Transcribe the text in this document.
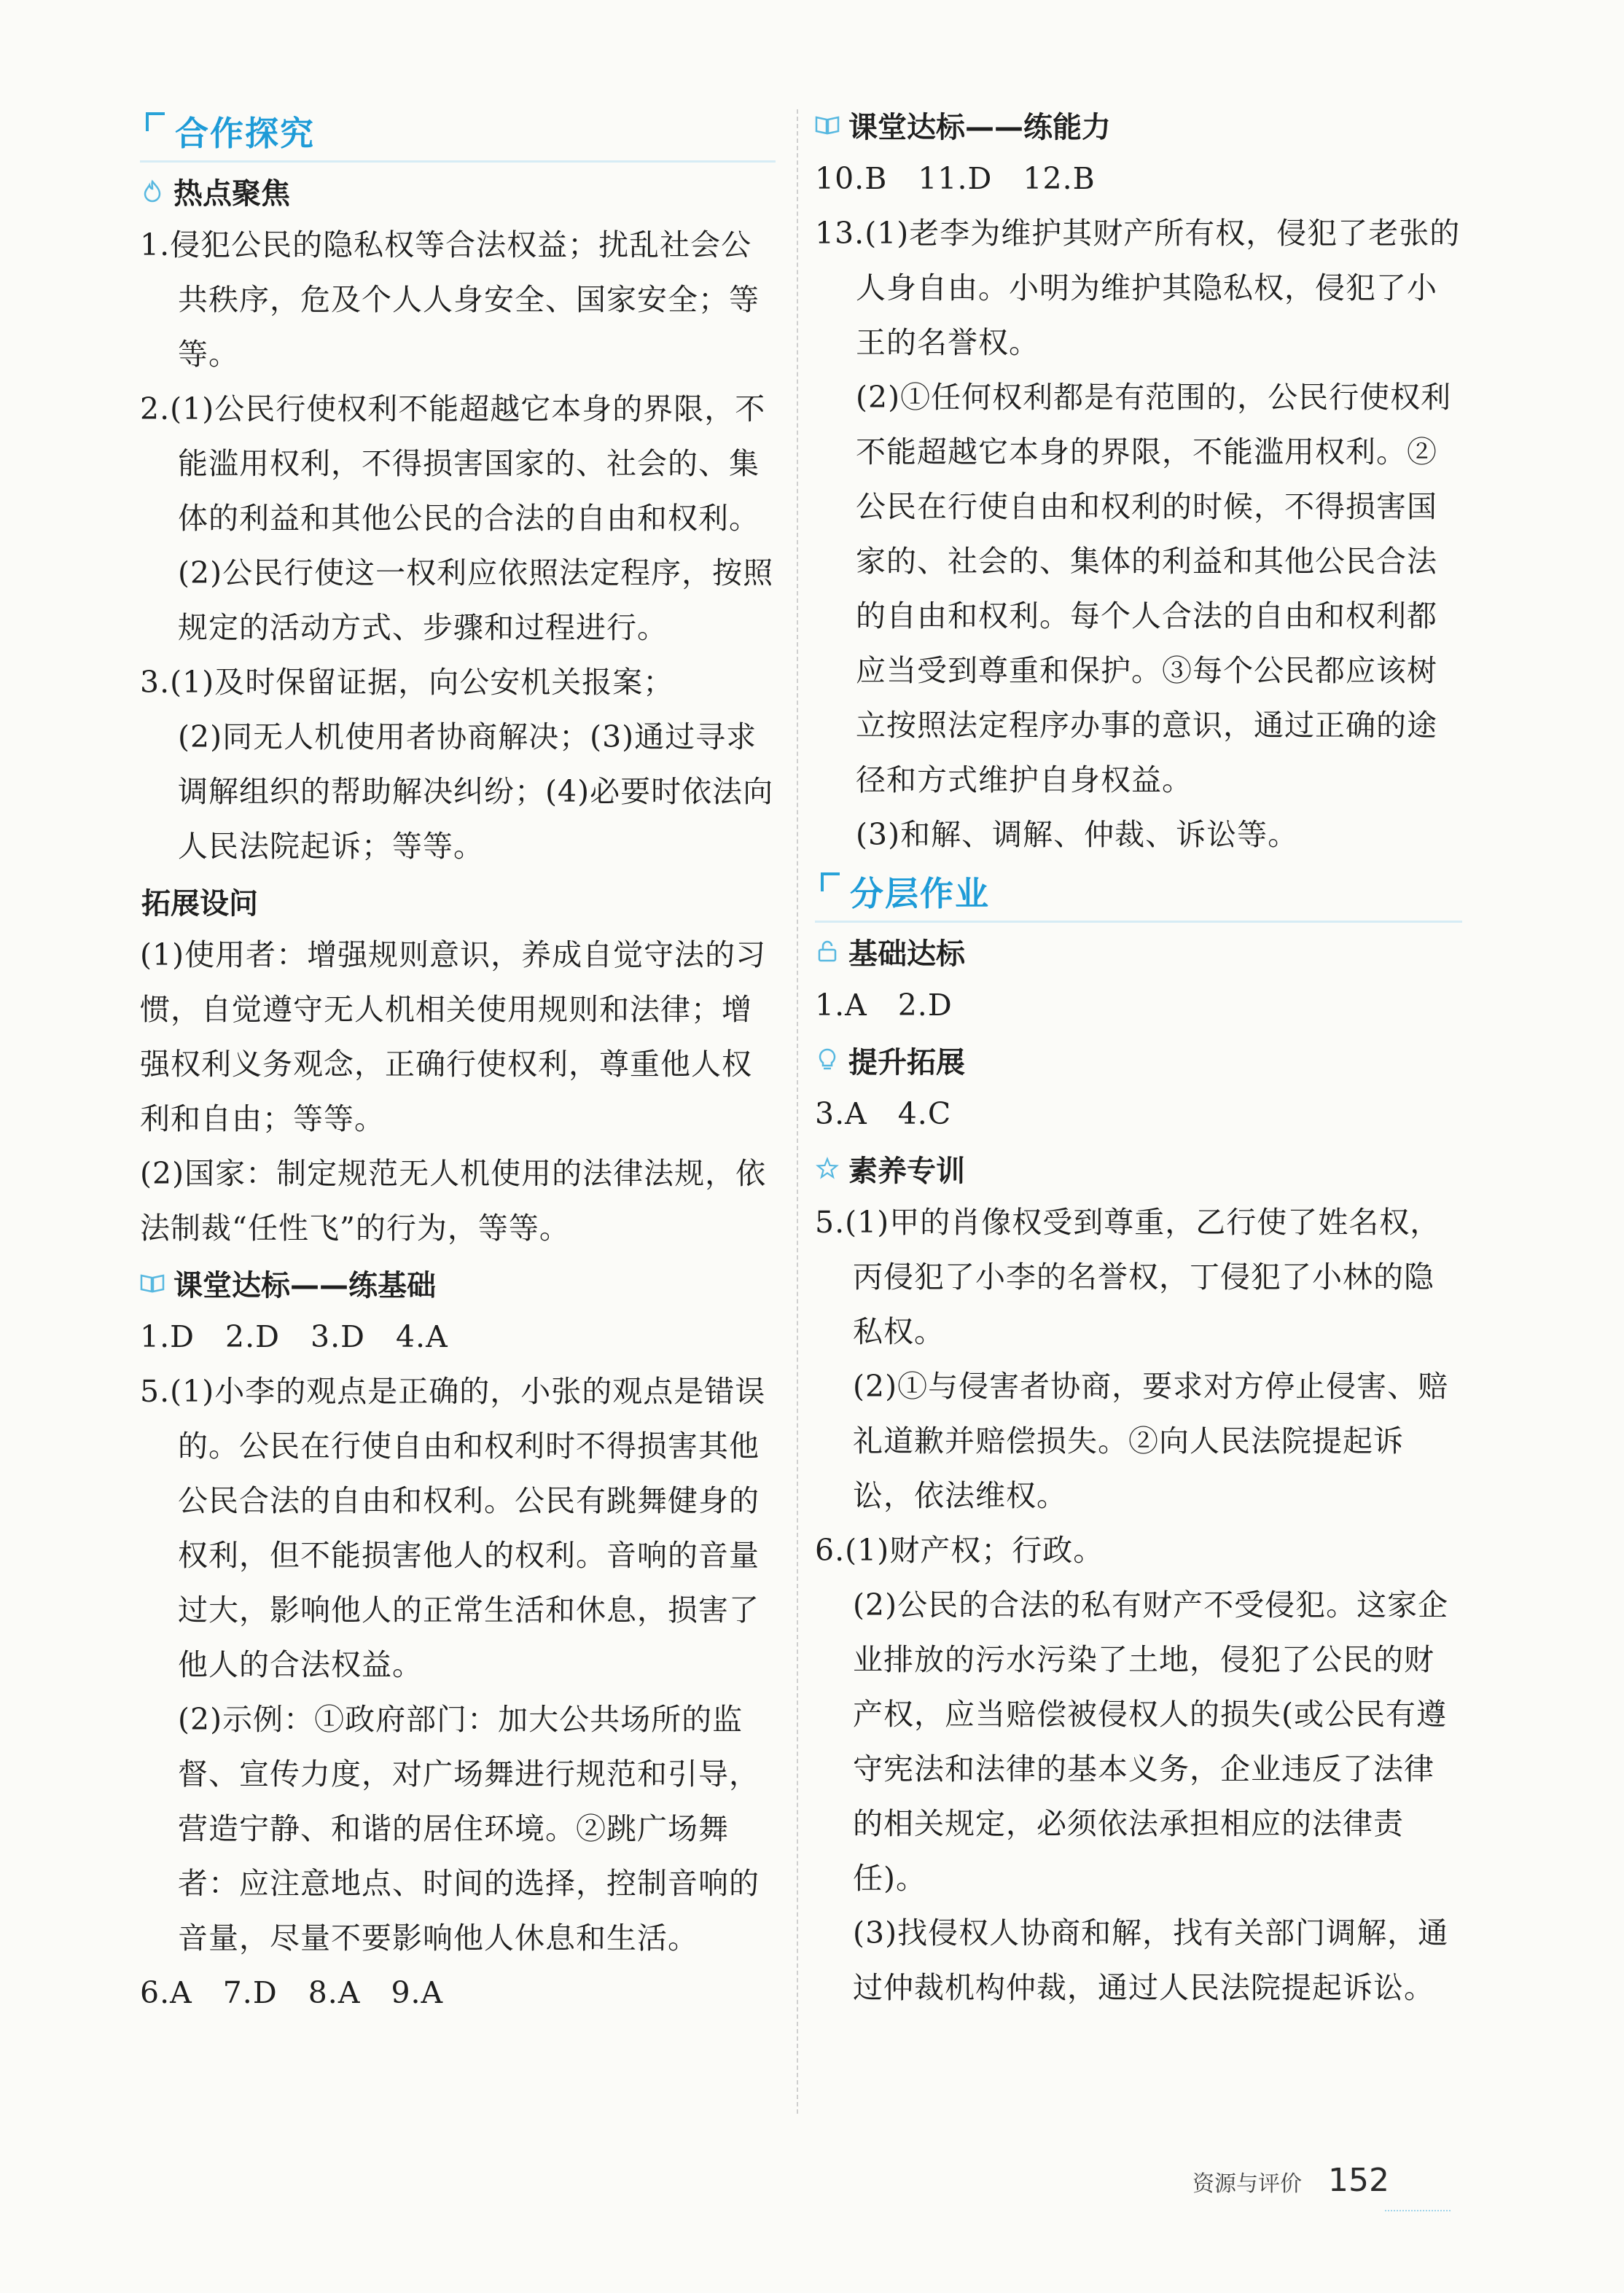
合作探究
热点聚焦

1.侵犯公民的隐私权等合法权益；扰乱社会公共秩序，危及个人人身安全、国家安全；等等。

2.(1)公民行使权利不能超越它本身的界限，不能滥用权利，不得损害国家的、社会的、集体的利益和其他公民的合法的自由和权利。(2)公民行使这一权利应依照法定程序，按照规定的活动方式、步骤和过程进行。

3.(1)及时保留证据，向公安机关报案；

(2)同无人机使用者协商解决；(3)通过寻求调解组织的帮助解决纠纷；(4)必要时依法向人民法院起诉；等等。

拓展设问

(1)使用者：增强规则意识，养成自觉守法的习惯，自觉遵守无人机相关使用规则和法律；增强权利义务观念，正确行使权利，尊重他人权利和自由；等等。

(2)国家：制定规范无人机使用的法律法规，依法制裁“任性飞”的行为，等等。

课堂达标——练基础

1.D　2.D　3.D　4.A

5.(1)小李的观点是正确的，小张的观点是错误的。公民在行使自由和权利时不得损害其他公民合法的自由和权利。公民有跳舞健身的权利，但不能损害他人的权利。音响的音量过大，影响他人的正常生活和休息，损害了他人的合法权益。

(2)示例：①政府部门：加大公共场所的监督、宣传力度，对广场舞进行规范和引导，营造宁静、和谐的居住环境。②跳广场舞者：应注意地点、时间的选择，控制音响的音量，尽量不要影响他人休息和生活。

6.A　7.D　8.A　9.A

课堂达标——练能力

10.B　11.D　12.B

13.(1)老李为维护其财产所有权，侵犯了老张的人身自由。小明为维护其隐私权，侵犯了小王的名誉权。

(2)①任何权利都是有范围的，公民行使权利不能超越它本身的界限，不能滥用权利。②公民在行使自由和权利的时候，不得损害国家的、社会的、集体的利益和其他公民合法的自由和权利。每个人合法的自由和权利都应当受到尊重和保护。③每个公民都应该树立按照法定程序办事的意识，通过正确的途径和方式维护自身权益。

(3)和解、调解、仲裁、诉讼等。

分层作业
基础达标

1.A　2.D

提升拓展

3.A　4.C

素养专训

5.(1)甲的肖像权受到尊重，乙行使了姓名权，丙侵犯了小李的名誉权，丁侵犯了小林的隐私权。

(2)①与侵害者协商，要求对方停止侵害、赔礼道歉并赔偿损失。②向人民法院提起诉讼，依法维权。

6.(1)财产权；行政。

(2)公民的合法的私有财产不受侵犯。这家企业排放的污水污染了土地，侵犯了公民的财产权，应当赔偿被侵权人的损失(或公民有遵守宪法和法律的基本义务，企业违反了法律的相关规定，必须依法承担相应的法律责任)。

(3)找侵权人协商和解，找有关部门调解，通过仲裁机构仲裁，通过人民法院提起诉讼。

资源与评价 152
